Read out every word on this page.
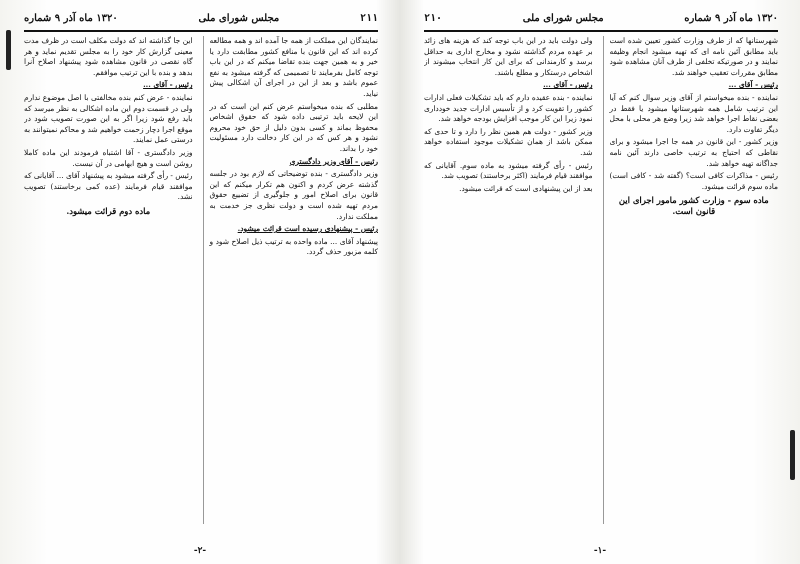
۲۱۱
مجلس شورای ملی
۱۳۲۰ ماه آذر ۹ شماره

نمایندگان این مملکت از همه جا آمده اند و همه مطالعه کرده اند که این قانون با منافع کشور مطابقت دارد یا خیر و به همین جهت بنده تقاضا میکنم که در این باب توجه کامل بفرمایند تا تصمیمی که گرفته میشود به نفع عموم باشد و بعد از این در اجرای آن اشکالی پیش نیاید.

مطلبی که بنده میخواستم عرض کنم این است که در این لایحه باید ترتیبی داده شود که حقوق اشخاص محفوظ بماند و کسی بدون دلیل از حق خود محروم نشود و هر کس که در این کار دخالت دارد مسئولیت خود را بداند.

رئیس - آقای وزیر دادگستری

وزیر دادگستری - بنده توضیحاتی که لازم بود در جلسه گذشته عرض کردم و اکنون هم تکرار میکنم که این قانون برای اصلاح امور و جلوگیری از تضییع حقوق مردم تهیه شده است و دولت نظری جز خدمت به مملکت ندارد.

رئیس - پیشنهادی رسیده است قرائت میشود.

پیشنهاد آقای ... ماده واحده به ترتیب ذیل اصلاح شود و کلمه مزبور حذف گردد.

این جا گذاشته اند که دولت مکلف است در ظرف مدت معینی گزارش کار خود را به مجلس تقدیم نماید و هر گاه نقصی در قانون مشاهده شود پیشنهاد اصلاح آنرا بدهد و بنده با این ترتیب موافقم.

رئیس - آقای ...

نماینده - عرض کنم بنده مخالفتی با اصل موضوع ندارم ولی در قسمت دوم این ماده اشکالی به نظر میرسد که باید رفع شود زیرا اگر به این صورت تصویب شود در موقع اجرا دچار زحمت خواهیم شد و محاکم نمیتوانند به درستی عمل نمایند.

وزیر دادگستری - آقا اشتباه فرمودند این ماده کاملا روشن است و هیچ ابهامی در آن نیست.

رئیس - رأی گرفته میشود به پیشنهاد آقای ... آقایانی که موافقند قیام فرمایند (عده کمی برخاستند) تصویب نشد.

ماده دوم قرائت میشود.

-۲-
۱۳۲۰ ماه آذر ۹ شماره
مجلس شورای ملی
۲۱۰

شهرستانها که از طرف وزارت کشور تعیین شده است باید مطابق آئین نامه ای که تهیه میشود انجام وظیفه نمایند و در صورتیکه تخلفی از طرف آنان مشاهده شود مطابق مقررات تعقیب خواهند شد.

رئیس - آقای ...

نماینده - بنده میخواستم از آقای وزیر سوال کنم که آیا این ترتیب شامل همه شهرستانها میشود یا فقط در بعضی نقاط اجرا خواهد شد زیرا وضع هر محلی با محل دیگر تفاوت دارد.

وزیر کشور - این قانون در همه جا اجرا میشود و برای نقاطی که احتیاج به ترتیب خاصی دارند آئین نامه جداگانه تهیه خواهد شد.

رئیس - مذاکرات کافی است؟ (گفته شد - کافی است) ماده سوم قرائت میشود.

ماده سوم - وزارت کشور مامور اجرای این قانون است.

ولی دولت باید در این باب توجه کند که هزینه های زائد بر عهده مردم گذاشته نشود و مخارج اداری به حداقل برسد و کارمندانی که برای این کار انتخاب میشوند از اشخاص درستکار و مطلع باشند.

رئیس - آقای ...

نماینده - بنده عقیده دارم که باید تشکیلات فعلی ادارات کشور را تقویت کرد و از تأسیس ادارات جدید خودداری نمود زیرا این کار موجب افزایش بودجه خواهد شد.

وزیر کشور - دولت هم همین نظر را دارد و تا حدی که ممکن باشد از همان تشکیلات موجود استفاده خواهد شد.

رئیس - رأی گرفته میشود به ماده سوم. آقایانی که موافقند قیام فرمایند (اکثر برخاستند) تصویب شد.

بعد از این پیشنهادی است که قرائت میشود.

-۱-
